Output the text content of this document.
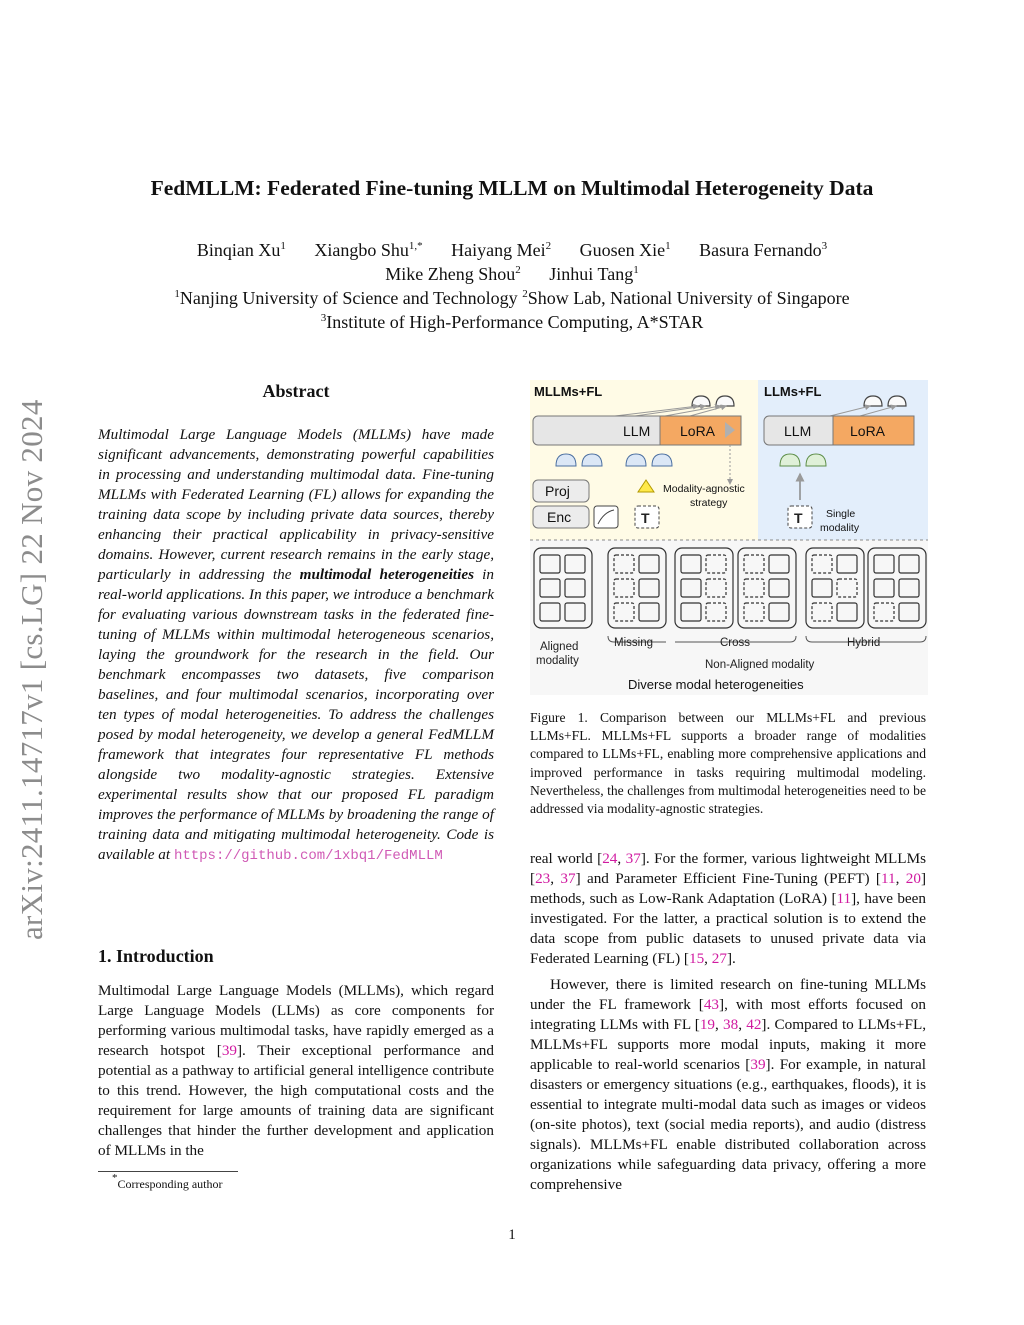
arXiv:2411.14717v1 [cs.LG] 22 Nov 2024
FedMLLM: Federated Fine-tuning MLLM on Multimodal Heterogeneity Data
Binqian Xu$^1$ Xiangbo Shu$^{1,*}$ Haiyang Mei$^2$ Guosen Xie$^1$ Basura Fernando$^3$
Mike Zheng Shou$^2$ Jinhui Tang$^1$
$^1$Nanjing University of Science and Technology $^2$Show Lab, National University of Singapore
$^3$Institute of High-Performance Computing, A*STAR
Abstract
Multimodal Large Language Models (MLLMs) have made significant advancements, demonstrating powerful capabilities in processing and understanding multimodal data. Fine-tuning MLLMs with Federated Learning (FL) allows for expanding the training data scope by including private data sources, thereby enhancing their practical applicability in privacy-sensitive domains. However, current research remains in the early stage, particularly in addressing the multimodal heterogeneities in real-world applications. In this paper, we introduce a benchmark for evaluating various downstream tasks in the federated fine-tuning of MLLMs within multimodal heterogeneous scenarios, laying the groundwork for the research in the field. Our benchmark encompasses two datasets, five comparison baselines, and four multimodal scenarios, incorporating over ten types of modal heterogeneities. To address the challenges posed by modal heterogeneity, we develop a general FedMLLM framework that integrates four representative FL methods alongside two modality-agnostic strategies. Extensive experimental results show that our proposed FL paradigm improves the performance of MLLMs by broadening the range of training data and mitigating multimodal heterogeneity. Code is available at https://github.com/1xbq1/FedMLLM
1. Introduction
Multimodal Large Language Models (MLLMs), which regard Large Language Models (LLMs) as core components for performing various multimodal tasks, have rapidly emerged as a research hotspot [39]. Their exceptional performance and potential as a pathway to artificial general intelligence contribute to this trend. However, the high computational costs and the requirement for large amounts of training data are significant challenges that hinder the further development and application of MLLMs in the
*Corresponding author
MLLMs+FL	LLMs+FL
LLM LoRA	LLM	LoRA
Proj
Enc	T
Modality-agnostic
strategy
T Single
modality
Aligned
modality
Missing	Cross	Hybrid
Non-Aligned modality
Diverse modal heterogeneities
Figure 1. Comparison between our MLLMs+FL and previous LLMs+FL. MLLMs+FL supports a broader range of modalities compared to LLMs+FL, enabling more comprehensive applications and improved performance in tasks requiring multimodal modeling. Nevertheless, the challenges from multimodal heterogeneities need to be addressed via modality-agnostic strategies.
real world [24, 37]. For the former, various lightweight MLLMs [23, 37] and Parameter Efficient Fine-Tuning (PEFT) [11, 20] methods, such as Low-Rank Adaptation (LoRA) [11], have been investigated. For the latter, a practical solution is to extend the data scope from public datasets to unused private data via Federated Learning (FL) [15, 27].
However, there is limited research on fine-tuning MLLMs under the FL framework [43], with most efforts focused on integrating LLMs with FL [19, 38, 42]. Compared to LLMs+FL, MLLMs+FL supports more modal inputs, making it more applicable to real-world scenarios [39]. For example, in natural disasters or emergency situations (e.g., earthquakes, floods), it is essential to integrate multi-modal data such as images or videos (on-site photos), text (social media reports), and audio (distress signals). MLLMs+FL enable distributed collaboration across organizations while safeguarding data privacy, offering a more comprehensive
1
